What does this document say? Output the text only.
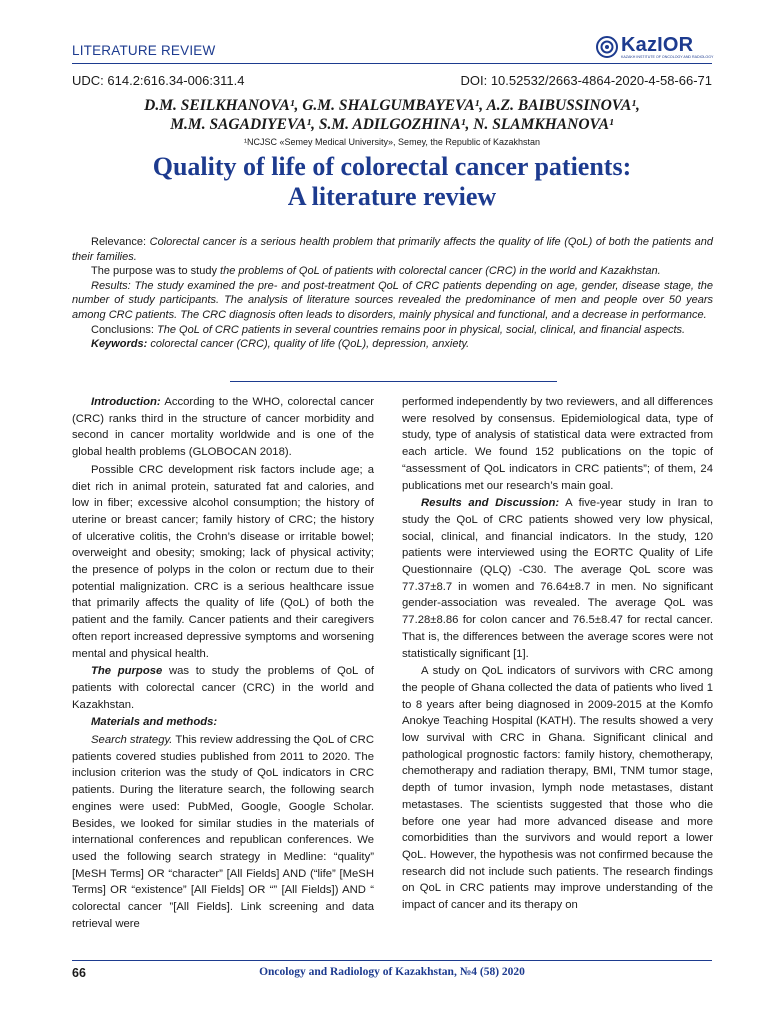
LITERATURE REVIEW	KazIOR
KAZAKH INSTITUTE OF ONCOLOGY AND RADIOLOGY
UDC: 614.2:616.34-006:311.4	DOI: 10.52532/2663-4864-2020-4-58-66-71
D.M. SEILKHANOVA¹, G.M. SHALGUMBAYEVA¹, A.Z. BAIBUSSINOVA¹,
M.M. SAGADIYEVA¹, S.M. ADILGOZHINA¹, N. SLAMKHANOVA¹
¹NCJSC «Semey Medical University», Semey, the Republic of Kazakhstan
Quality of life of colorectal cancer patients:
A literature review

Relevance: Colorectal cancer is a serious health problem that primarily affects the quality of life (QoL) of both the patients and their families.

The purpose was to study the problems of QoL of patients with colorectal cancer (CRC) in the world and Kazakhstan.

Results: The study examined the pre- and post-treatment QoL of CRC patients depending on age, gender, disease stage, the number of study participants. The analysis of literature sources revealed the predominance of men and people over 50 years among CRC patients. The CRC diagnosis often leads to disorders, mainly physical and functional, and a decrease in performance.

Conclusions: The QoL of CRC patients in several countries remains poor in physical, social, clinical, and financial aspects.

Keywords: colorectal cancer (CRC), quality of life (QoL), depression, anxiety.

Introduction: According to the WHO, colorectal cancer (CRC) ranks third in the structure of cancer morbidity and second in cancer mortality worldwide and is one of the global health problems (GLOBOCAN 2018).

Possible CRC development risk factors include age; a diet rich in animal protein, saturated fat and calories, and low in fiber; excessive alcohol consumption; the history of uterine or breast cancer; family history of CRC; the history of ulcerative colitis, the Crohn’s disease or irritable bowel; overweight and obesity; smoking; lack of physical activity; the presence of polyps in the colon or rectum due to their potential malignization. CRC is a serious healthcare issue that primarily affects the quality of life (QoL) of both the patient and the family. Cancer patients and their caregivers often report increased depressive symptoms and worsening mental and physical health.

The purpose was to study the problems of QoL of patients with colorectal cancer (CRC) in the world and Kazakhstan.

Materials and methods:

Search strategy. This review addressing the QoL of CRC patients covered studies published from 2011 to 2020. The inclusion criterion was the study of QoL indicators in CRC patients. During the literature search, the following search engines were used: PubMed, Google, Google Scholar. Besides, we looked for similar studies in the materials of international conferences and republican conferences. We used the following search strategy in Medline: “quality” [MeSH Terms] OR “character” [All Fields] AND (“life” [MeSH Terms] OR “existence” [All Fields] OR “” [All Fields]) AND “ colorectal cancer ”[All Fields]. Link screening and data retrieval were

performed independently by two reviewers, and all differences were resolved by consensus. Epidemiological data, type of study, type of analysis of statistical data were extracted from each article. We found 152 publications on the topic of “assessment of QoL indicators in CRC patients”; of them, 24 publications met our research’s main goal.

Results and Discussion: A five-year study in Iran to study the QoL of CRC patients showed very low physical, social, clinical, and financial indicators. In the study, 120 patients were interviewed using the EORTC Quality of Life Questionnaire (QLQ) -C30. The average QoL score was 77.37±8.7 in women and 76.64±8.7 in men. No significant gender-association was revealed. The average QoL was 77.28±8.86 for colon cancer and 76.5±8.47 for rectal cancer. That is, the differences between the average scores were not statistically significant [1].

A study on QoL indicators of survivors with CRC among the people of Ghana collected the data of patients who lived 1 to 8 years after being diagnosed in 2009-2015 at the Komfo Anokye Teaching Hospital (KATH). The results showed a very low survival with CRC in Ghana. Significant clinical and pathological prognostic factors: family history, chemotherapy, chemotherapy and radiation therapy, BMI, TNM tumor stage, depth of tumor invasion, lymph node metastases, distant metastases. The scientists suggested that those who die before one year had more advanced disease and more comorbidities than the survivors and would report a lower QoL. However, the hypothesis was not confirmed because the research did not include such patients. The research findings on QoL in CRC patients may improve understanding of the impact of cancer and its therapy on

66	Oncology and Radiology of Kazakhstan, №4 (58) 2020
